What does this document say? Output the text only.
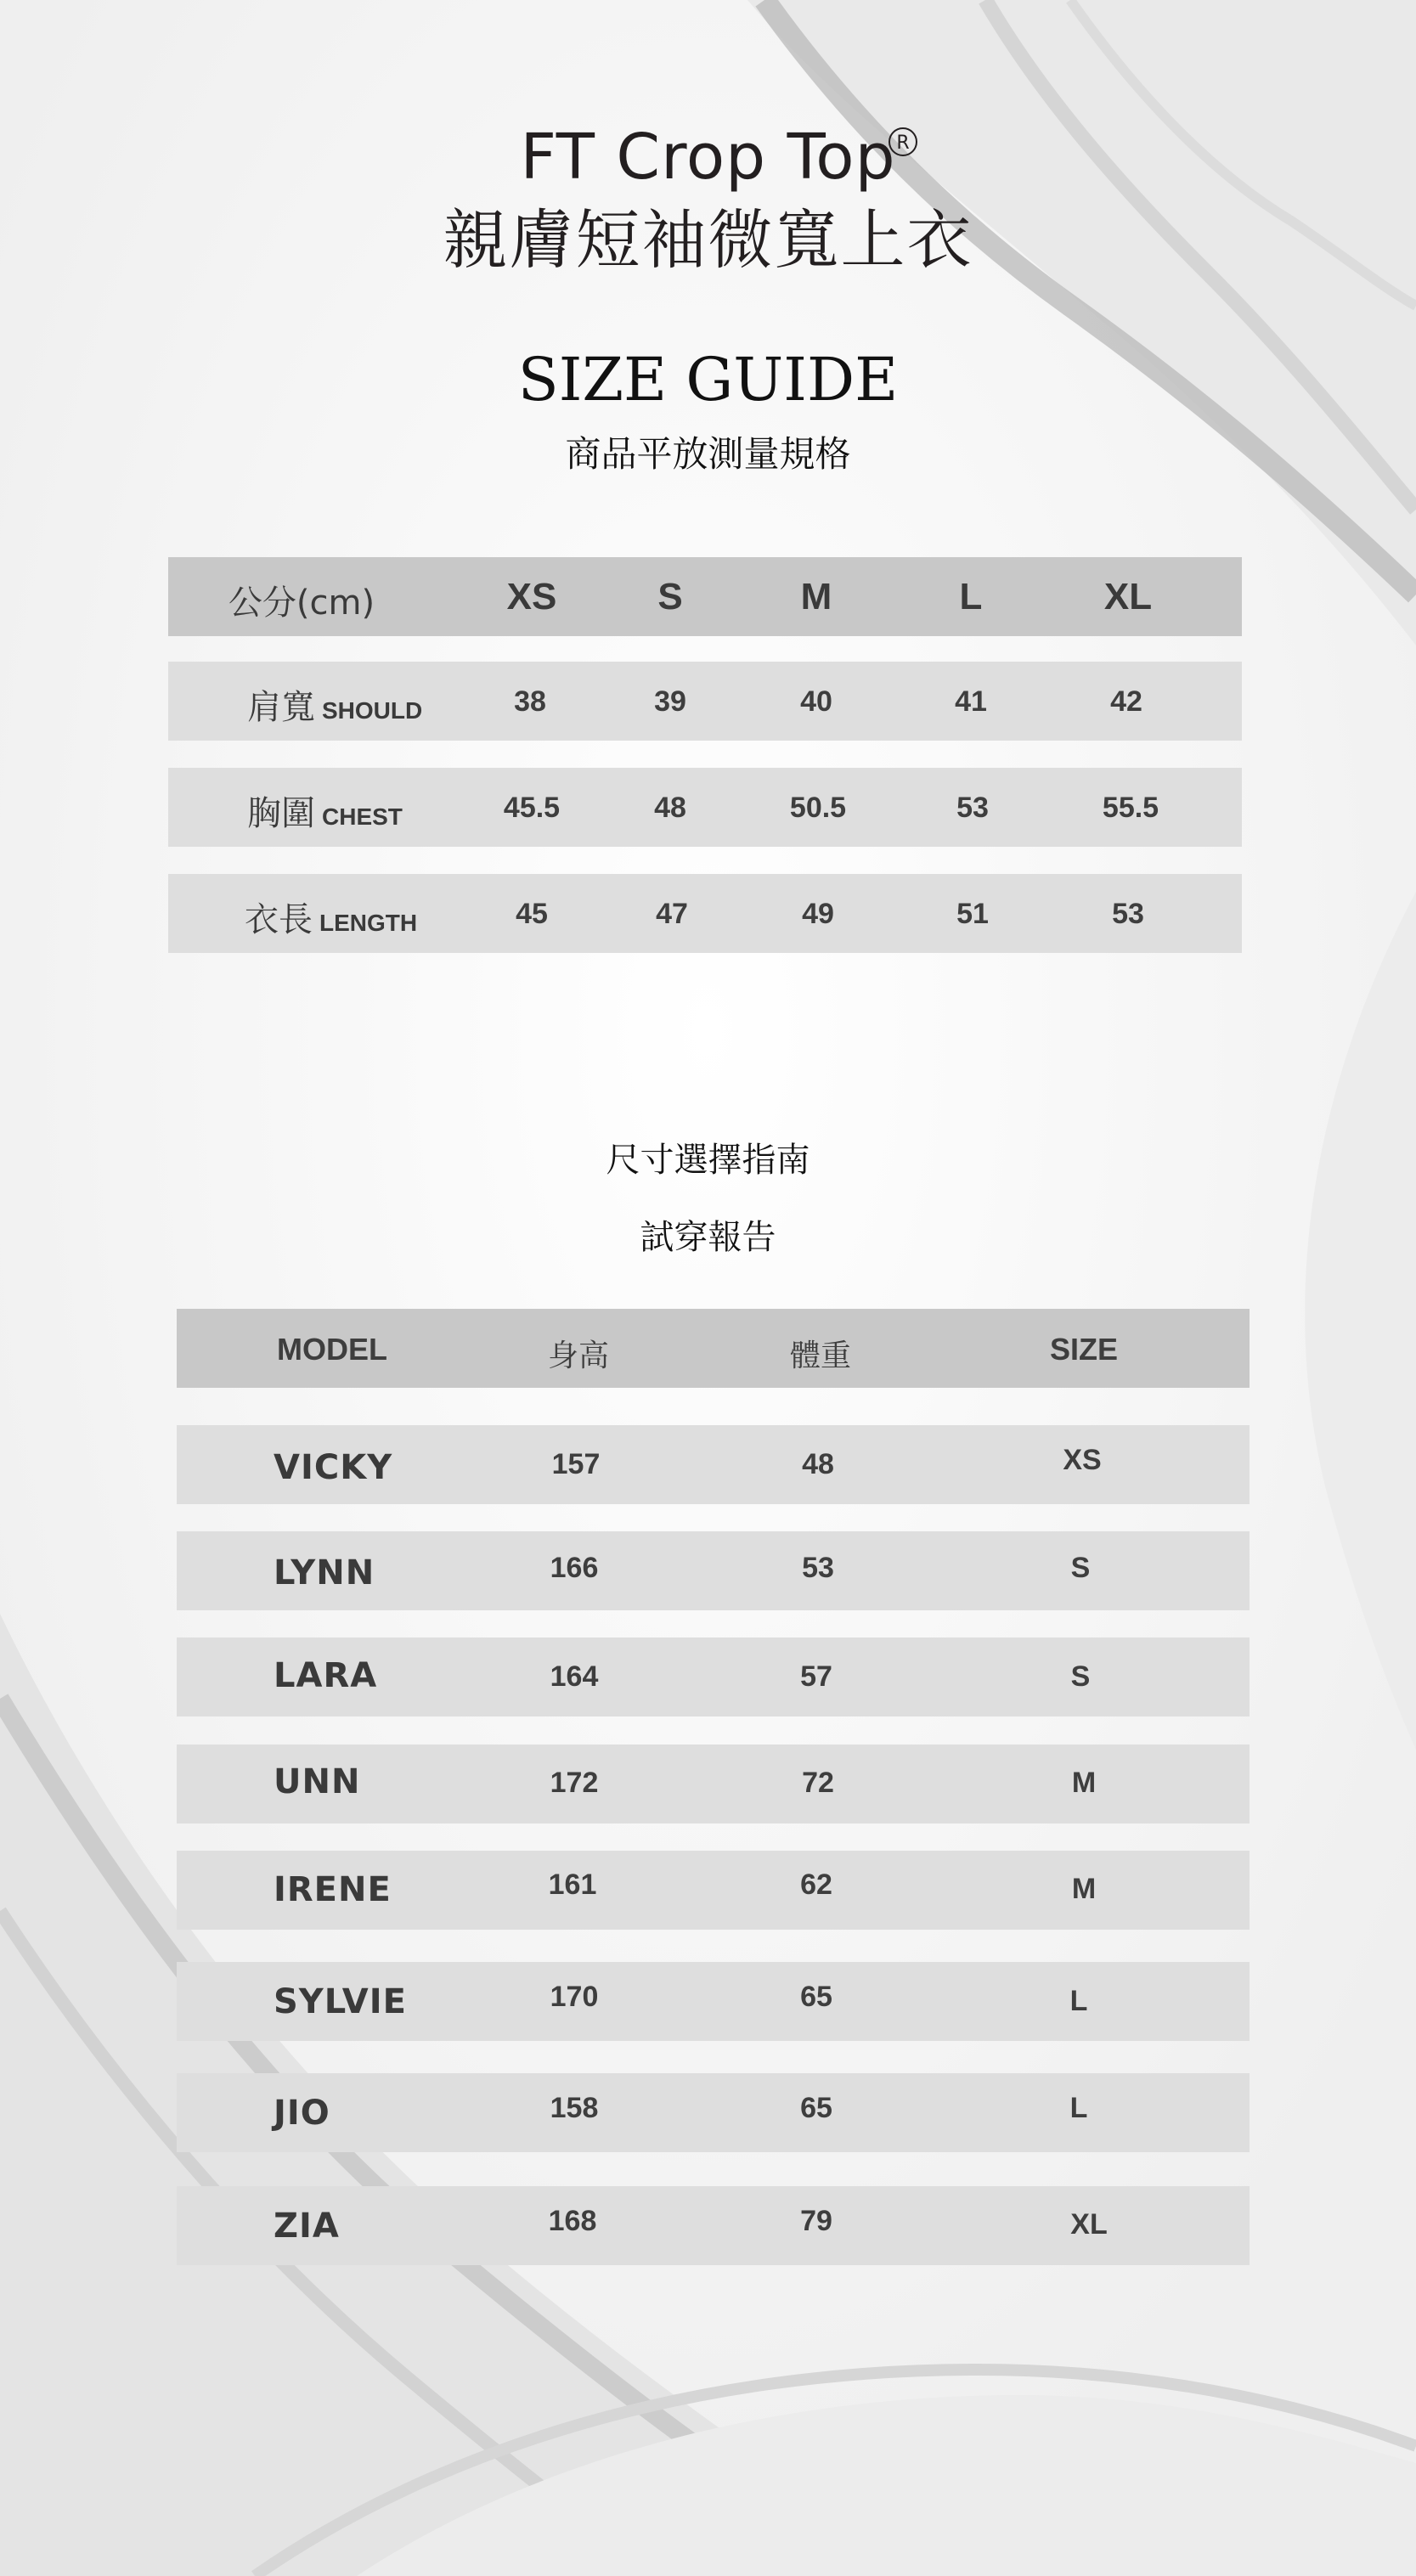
FT Crop Top R
親膚短袖微寬上衣
SIZE GUIDE
商品平放測量規格
公分(cm)	XS	S	M	L	XL
肩寬 SHOULD	38	39	40	41	42
胸圍 CHEST	45.5	48	50.5	53	55.5
衣長 LENGTH	45	47	49	51	53
尺寸選擇指南
試穿報告
MODEL	身高	體重	SIZE
VICKY	157	48	XS
LYNN	166	53	S
LARA	164	57	S
UNN	172	72	M
IRENE	161	62	M
SYLVIE	170	65	L
JIO	158	65	L
ZIA	168	79	XL
